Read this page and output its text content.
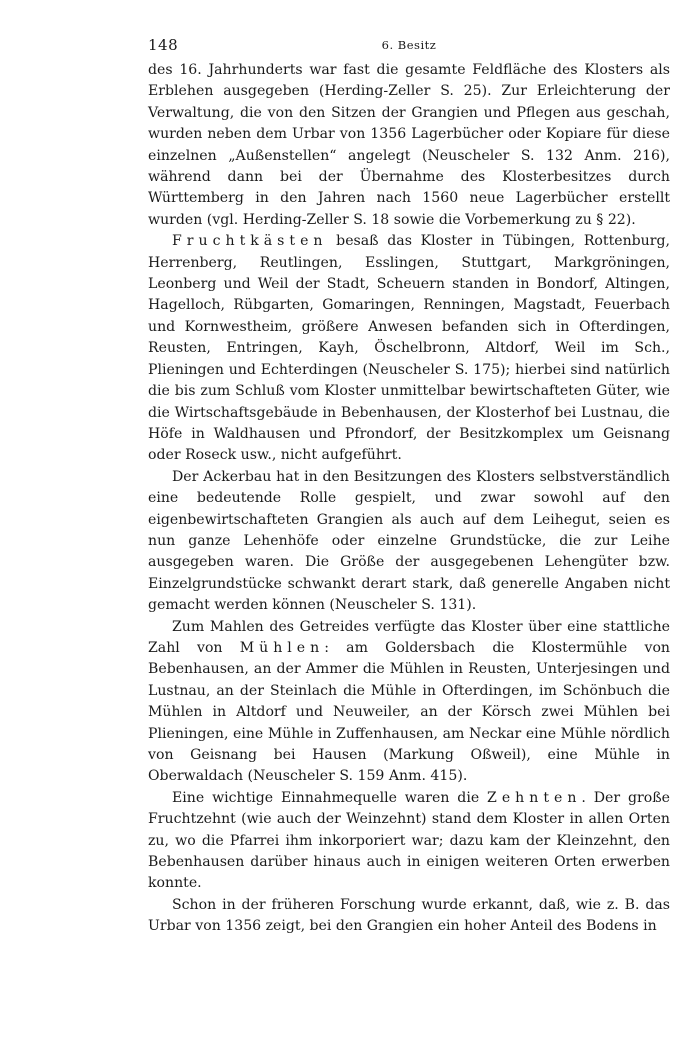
148	6. Besitz

des 16. Jahrhunderts war fast die gesamte Feldfläche des Klosters als Erblehen ausgegeben (Herding-Zeller S. 25). Zur Erleichterung der Verwaltung, die von den Sitzen der Grangien und Pflegen aus geschah, wurden neben dem Urbar von 1356 Lagerbücher oder Kopiare für diese einzelnen „Außenstellen“ angelegt (Neuscheler S. 132 Anm. 216), während dann bei der Übernahme des Klosterbesitzes durch Württemberg in den Jahren nach 1560 neue Lagerbücher erstellt wurden (vgl. Herding-Zeller S. 18 sowie die Vorbemerkung zu § 22).

Fruchtkästen besaß das Kloster in Tübingen, Rottenburg, Herrenberg, Reutlingen, Esslingen, Stuttgart, Markgröningen, Leonberg und Weil der Stadt, Scheuern standen in Bondorf, Altingen, Hagelloch, Rübgarten, Gomaringen, Renningen, Magstadt, Feuerbach und Kornwestheim, größere Anwesen befanden sich in Ofterdingen, Reusten, Entringen, Kayh, Öschelbronn, Altdorf, Weil im Sch., Plieningen und Echterdingen (Neuscheler S. 175); hierbei sind natürlich die bis zum Schluß vom Kloster unmittelbar bewirtschafteten Güter, wie die Wirtschaftsgebäude in Bebenhausen, der Klosterhof bei Lustnau, die Höfe in Waldhausen und Pfrondorf, der Besitzkomplex um Geisnang oder Roseck usw., nicht aufgeführt.

Der Ackerbau hat in den Besitzungen des Klosters selbstverständlich eine bedeutende Rolle gespielt, und zwar sowohl auf den eigenbewirtschafteten Grangien als auch auf dem Leihegut, seien es nun ganze Lehenhöfe oder einzelne Grundstücke, die zur Leihe ausgegeben waren. Die Größe der ausgegebenen Lehengüter bzw. Einzelgrundstücke schwankt derart stark, daß generelle Angaben nicht gemacht werden können (Neuscheler S. 131).

Zum Mahlen des Getreides verfügte das Kloster über eine stattliche Zahl von Mühlen: am Goldersbach die Klostermühle von Bebenhausen, an der Ammer die Mühlen in Reusten, Unterjesingen und Lustnau, an der Steinlach die Mühle in Ofterdingen, im Schönbuch die Mühlen in Altdorf und Neuweiler, an der Körsch zwei Mühlen bei Plieningen, eine Mühle in Zuffenhausen, am Neckar eine Mühle nördlich von Geisnang bei Hausen (Markung Oßweil), eine Mühle in Oberwaldach (Neuscheler S. 159 Anm. 415).

Eine wichtige Einnahmequelle waren die Zehnten. Der große Fruchtzehnt (wie auch der Weinzehnt) stand dem Kloster in allen Orten zu, wo die Pfarrei ihm inkorporiert war; dazu kam der Kleinzehnt, den Bebenhausen darüber hinaus auch in einigen weiteren Orten erwerben konnte.

Schon in der früheren Forschung wurde erkannt, daß, wie z. B. das Urbar von 1356 zeigt, bei den Grangien ein hoher Anteil des Bodens in
